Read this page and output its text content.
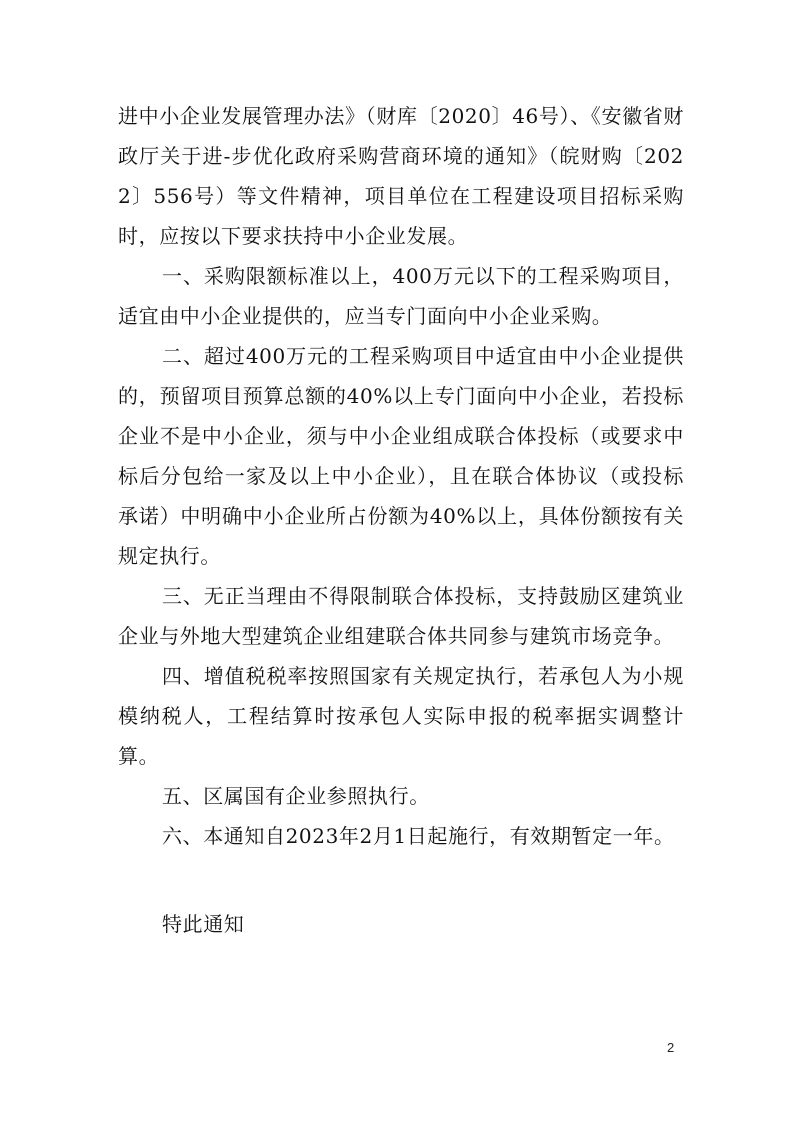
进中小企业发展管理办法》（财库〔2020〕46号）、《安徽省财政厅关于进-步优化政府采购营商环境的通知》（皖财购〔2022〕556号）等文件精神，项目单位在工程建设项目招标采购时，应按以下要求扶持中小企业发展。

一、采购限额标准以上，400万元以下的工程采购项目，适宜由中小企业提供的，应当专门面向中小企业采购。

二、超过400万元的工程采购项目中适宜由中小企业提供的，预留项目预算总额的40%以上专门面向中小企业，若投标企业不是中小企业，须与中小企业组成联合体投标（或要求中标后分包给一家及以上中小企业），且在联合体协议（或投标承诺）中明确中小企业所占份额为40%以上，具体份额按有关规定执行。

三、无正当理由不得限制联合体投标，支持鼓励区建筑业企业与外地大型建筑企业组建联合体共同参与建筑市场竞争。

四、增值税税率按照国家有关规定执行，若承包人为小规模纳税人，工程结算时按承包人实际申报的税率据实调整计算。

五、区属国有企业参照执行。

六、本通知自2023年2月1日起施行，有效期暂定一年。

特此通知

2
